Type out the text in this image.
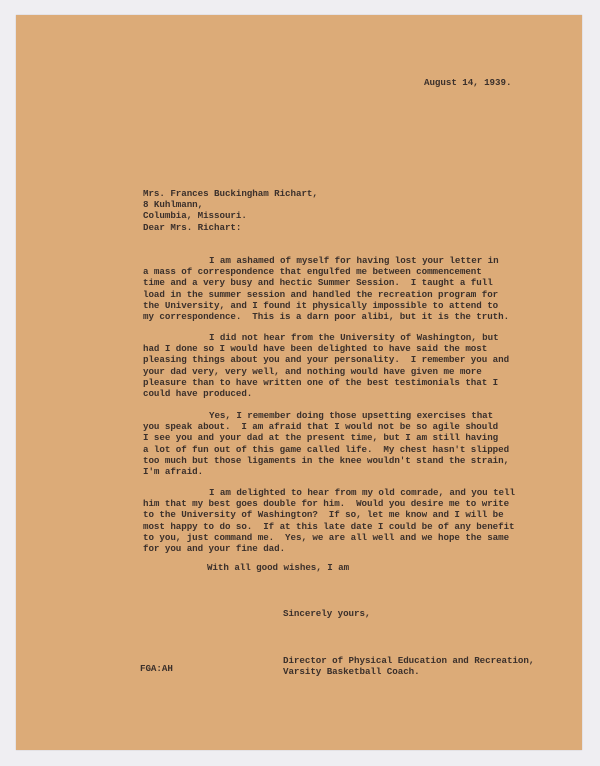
August 14, 1939.
Mrs. Frances Buckingham Richart,
8 Kuhlmann,
Columbia, Missouri.
Dear Mrs. Richart:
I am ashamed of myself for having lost your letter in
a mass of correspondence that engulfed me between commencement
time and a very busy and hectic Summer Session.  I taught a full
load in the summer session and handled the recreation program for
the University, and I found it physically impossible to attend to
my correspondence.  This is a darn poor alibi, but it is the truth.
I did not hear from the University of Washington, but
had I done so I would have been delighted to have said the most
pleasing things about you and your personality.  I remember you and
your dad very, very well, and nothing would have given me more
pleasure than to have written one of the best testimonials that I
could have produced.
Yes, I remember doing those upsetting exercises that
you speak about.  I am afraid that I would not be so agile should
I see you and your dad at the present time, but I am still having
a lot of fun out of this game called life.  My chest hasn't slipped
too much but those ligaments in the knee wouldn't stand the strain,
I'm afraid.
I am delighted to hear from my old comrade, and you tell
him that my best goes double for him.  Would you desire me to write
to the University of Washington?  If so, let me know and I will be
most happy to do so.  If at this late date I could be of any benefit
to you, just command me.  Yes, we are all well and we hope the same
for you and your fine dad.
With all good wishes, I am
Sincerely yours,
Director of Physical Education and Recreation,
Varsity Basketball Coach.
FGA:AH
